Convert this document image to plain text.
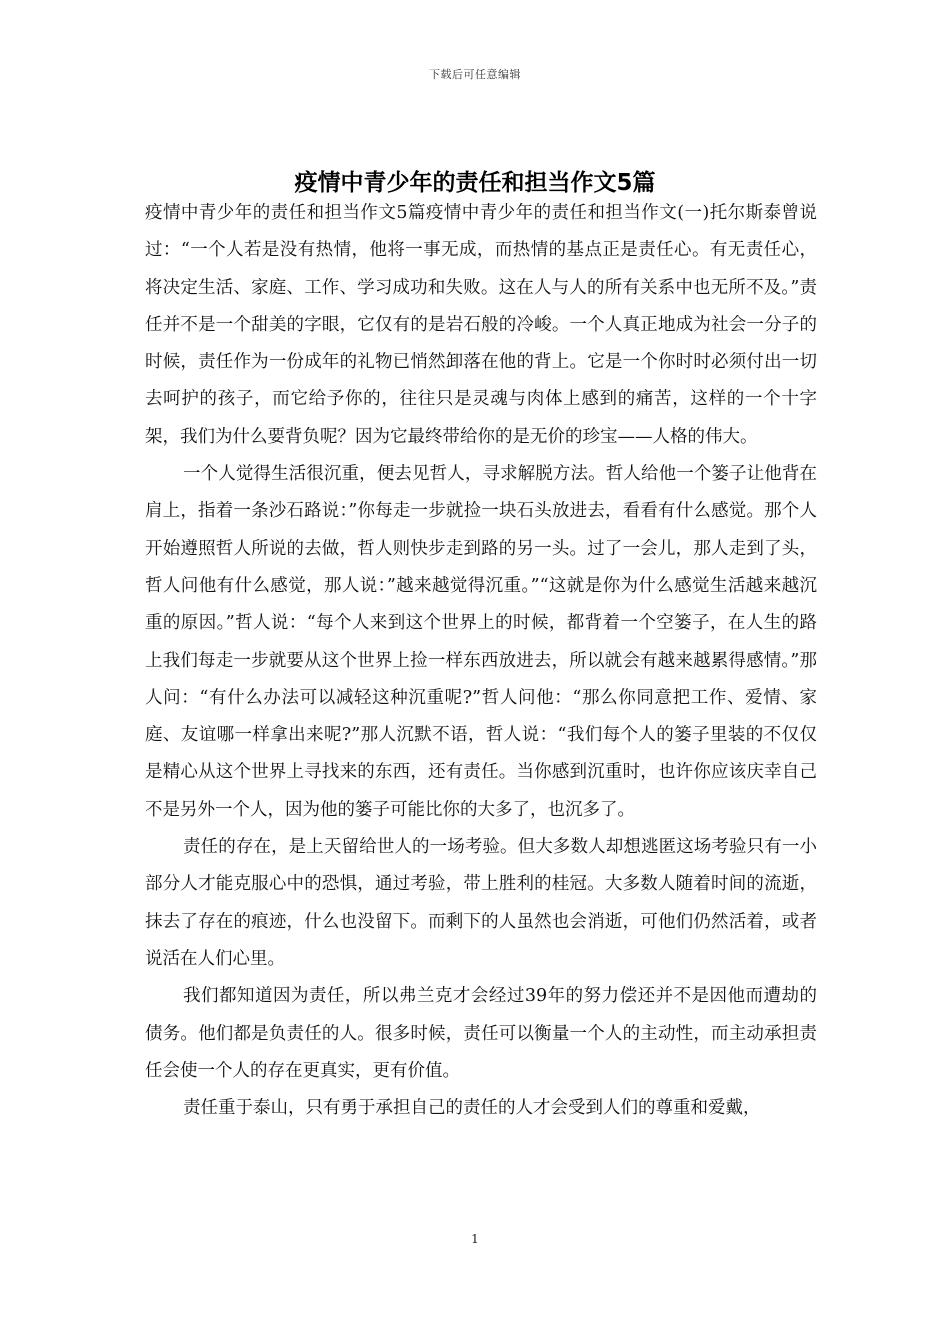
下载后可任意编辑
疫情中青少年的责任和担当作文5篇

疫情中青少年的责任和担当作文5篇疫情中青少年的责任和担当作文(一)托尔斯泰曾说过：“一个人若是没有热情，他将一事无成，而热情的基点正是责任心。有无责任心，将决定生活、家庭、工作、学习成功和失败。这在人与人的所有关系中也无所不及。”责任并不是一个甜美的字眼，它仅有的是岩石般的冷峻。一个人真正地成为社会一分子的时候，责任作为一份成年的礼物已悄然卸落在他的背上。它是一个你时时必须付出一切去呵护的孩子，而它给予你的，往往只是灵魂与肉体上感到的痛苦，这样的一个十字架，我们为什么要背负呢？因为它最终带给你的是无价的珍宝——人格的伟大。

一个人觉得生活很沉重，便去见哲人，寻求解脱方法。哲人给他一个篓子让他背在肩上，指着一条沙石路说：”你每走一步就捡一块石头放进去，看看有什么感觉。那个人开始遵照哲人所说的去做，哲人则快步走到路的另一头。过了一会儿，那人走到了头，哲人问他有什么感觉，那人说：”越来越觉得沉重。”“这就是你为什么感觉生活越来越沉重的原因。”哲人说：“每个人来到这个世界上的时候，都背着一个空篓子，在人生的路上我们每走一步就要从这个世界上捡一样东西放进去，所以就会有越来越累得感情。”那人问：“有什么办法可以减轻这种沉重呢?”哲人问他：“那么你同意把工作、爱情、家庭、友谊哪一样拿出来呢?”那人沉默不语，哲人说：“我们每个人的篓子里装的不仅仅是精心从这个世界上寻找来的东西，还有责任。当你感到沉重时，也许你应该庆幸自己不是另外一个人，因为他的篓子可能比你的大多了，也沉多了。

责任的存在，是上天留给世人的一场考验。但大多数人却想逃匿这场考验只有一小部分人才能克服心中的恐惧，通过考验，带上胜利的桂冠。大多数人随着时间的流逝，抹去了存在的痕迹，什么也没留下。而剩下的人虽然也会消逝，可他们仍然活着，或者说活在人们心里。

我们都知道因为责任，所以弗兰克才会经过39年的努力偿还并不是因他而遭劫的债务。他们都是负责任的人。很多时候，责任可以衡量一个人的主动性，而主动承担责任会使一个人的存在更真实，更有价值。

责任重于泰山，只有勇于承担自己的责任的人才会受到人们的尊重和爱戴，

1
